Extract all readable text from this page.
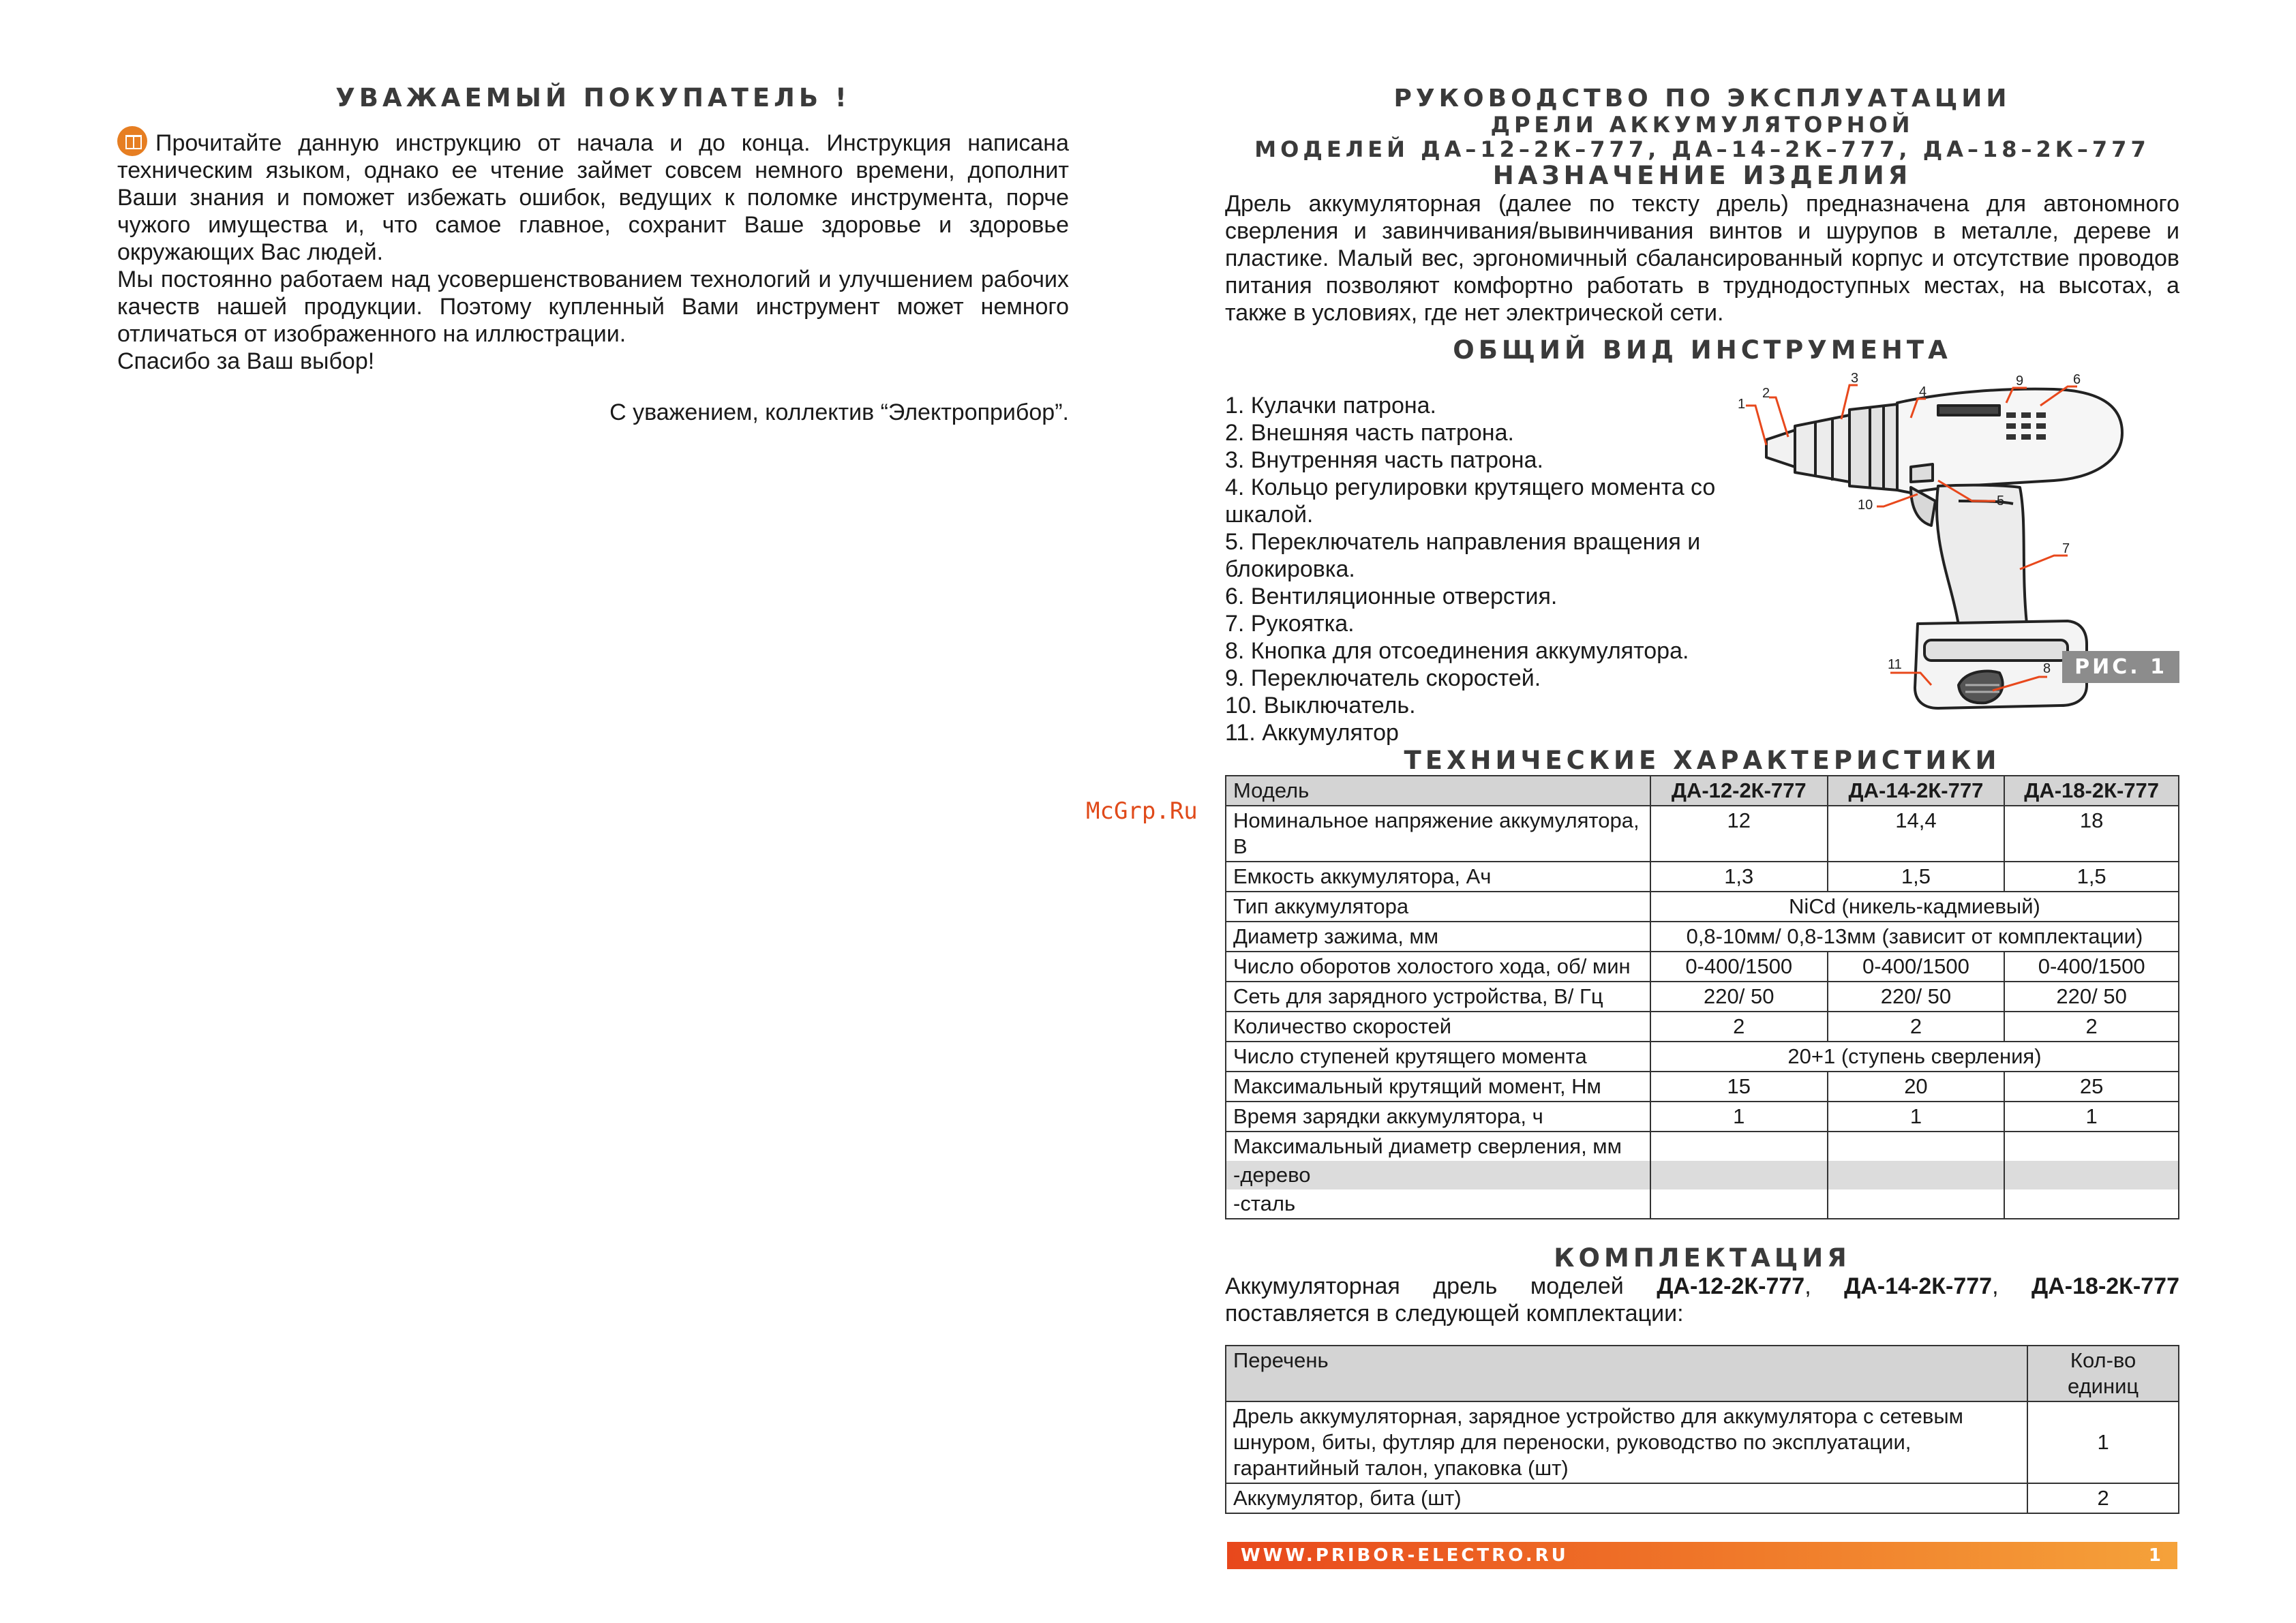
УВАЖАЕМЫЙ ПОКУПАТЕЛЬ !

Прочитайте данную инструкцию от начала и до конца. Инструкция написана техническим языком, однако ее чтение займет совсем немного времени, дополнит Ваши знания и поможет избежать ошибок, ведущих к поломке инструмента, порче чужого имущества и, что самое главное, сохранит Ваше здоровье и здоровье окружающих Вас людей.

Мы постоянно работаем над усовершенствованием технологий и улучшением рабочих качеств нашей продукции. Поэтому купленный Вами инструмент может немного отличаться от изображенного на иллюстрации.

Спасибо за Ваш выбор!

С уважением, коллектив “Электроприбор”.
McGrp.Ru
РУКОВОДСТВО ПО ЭКСПЛУАТАЦИИ
ДРЕЛИ АККУМУЛЯТОРНОЙ
МОДЕЛЕЙ ДА–12–2К–777, ДА–14–2К–777, ДА–18–2К–777
НАЗНАЧЕНИЕ ИЗДЕЛИЯ

Дрель аккумуляторная (далее по тексту дрель) предназначена для автономного сверления и завинчивания/вывинчивания винтов и шурупов в металле, дереве и пластике. Малый вес, эргономичный сбалансированный корпус и отсутствие проводов питания позволяют комфортно работать в труднодоступных местах, на высотах, а также в условиях, где нет электрической сети.

ОБЩИЙ ВИД ИНСТРУМЕНТА
1. Кулачки патрона.
2. Внешняя часть патрона.
3. Внутренняя часть патрона.
4. Кольцо регулировки крутящего момента со шкалой.
5. Переключатель направления вращения и блокировка.
6. Вентиляционные отверстия.
7. Рукоятка.
8. Кнопка для отсоединения аккумулятора.
9. Переключатель скоростей.
10. Выключатель.
11. Аккумулятор
1
2
3
4
5
6
7
8
9
10
11	РИС. 1
ТЕХНИЧЕСКИЕ ХАРАКТЕРИСТИКИ
Модель	ДА-12-2К-777	ДА-14-2К-777	ДА-18-2К-777
Номинальное напряжение аккумулятора, В	12	14,4	18
Емкость аккумулятора, Ач	1,3	1,5	1,5
Тип аккумулятора	NiCd (никель-кадмиевый)		
Диаметр зажима, мм	0,8-10мм/ 0,8-13мм (зависит от комплектации)		
Число оборотов холостого хода, об/ мин	0-400/1500	0-400/1500	0-400/1500
Сеть для зарядного устройства, В/ Гц	220/ 50	220/ 50	220/ 50
Количество скоростей	2	2	2
Число ступеней крутящего момента	20+1 (ступень сверления)		
Максимальный крутящий момент, Нм	15	20	25
Время зарядки аккумулятора, ч	1	1	1
Максимальный диаметр сверления, мм			
-дерево			
-сталь			
КОМПЛЕКТАЦИЯ

Аккумуляторная дрель моделей ДА-12-2К-777, ДА-14-2К-777, ДА-18-2К-777 поставляется в следующей комплектации:

Перечень	Кол-во единиц
Дрель аккумуляторная, зарядное устройство для аккумулятора с сетевым шнуром, биты, футляр для переноски, руководство по эксплуатации, гарантийный талон, упаковка (шт)	1
Аккумулятор, бита (шт)	2
WWW.PRIBOR-ELECTRO.RU	1
